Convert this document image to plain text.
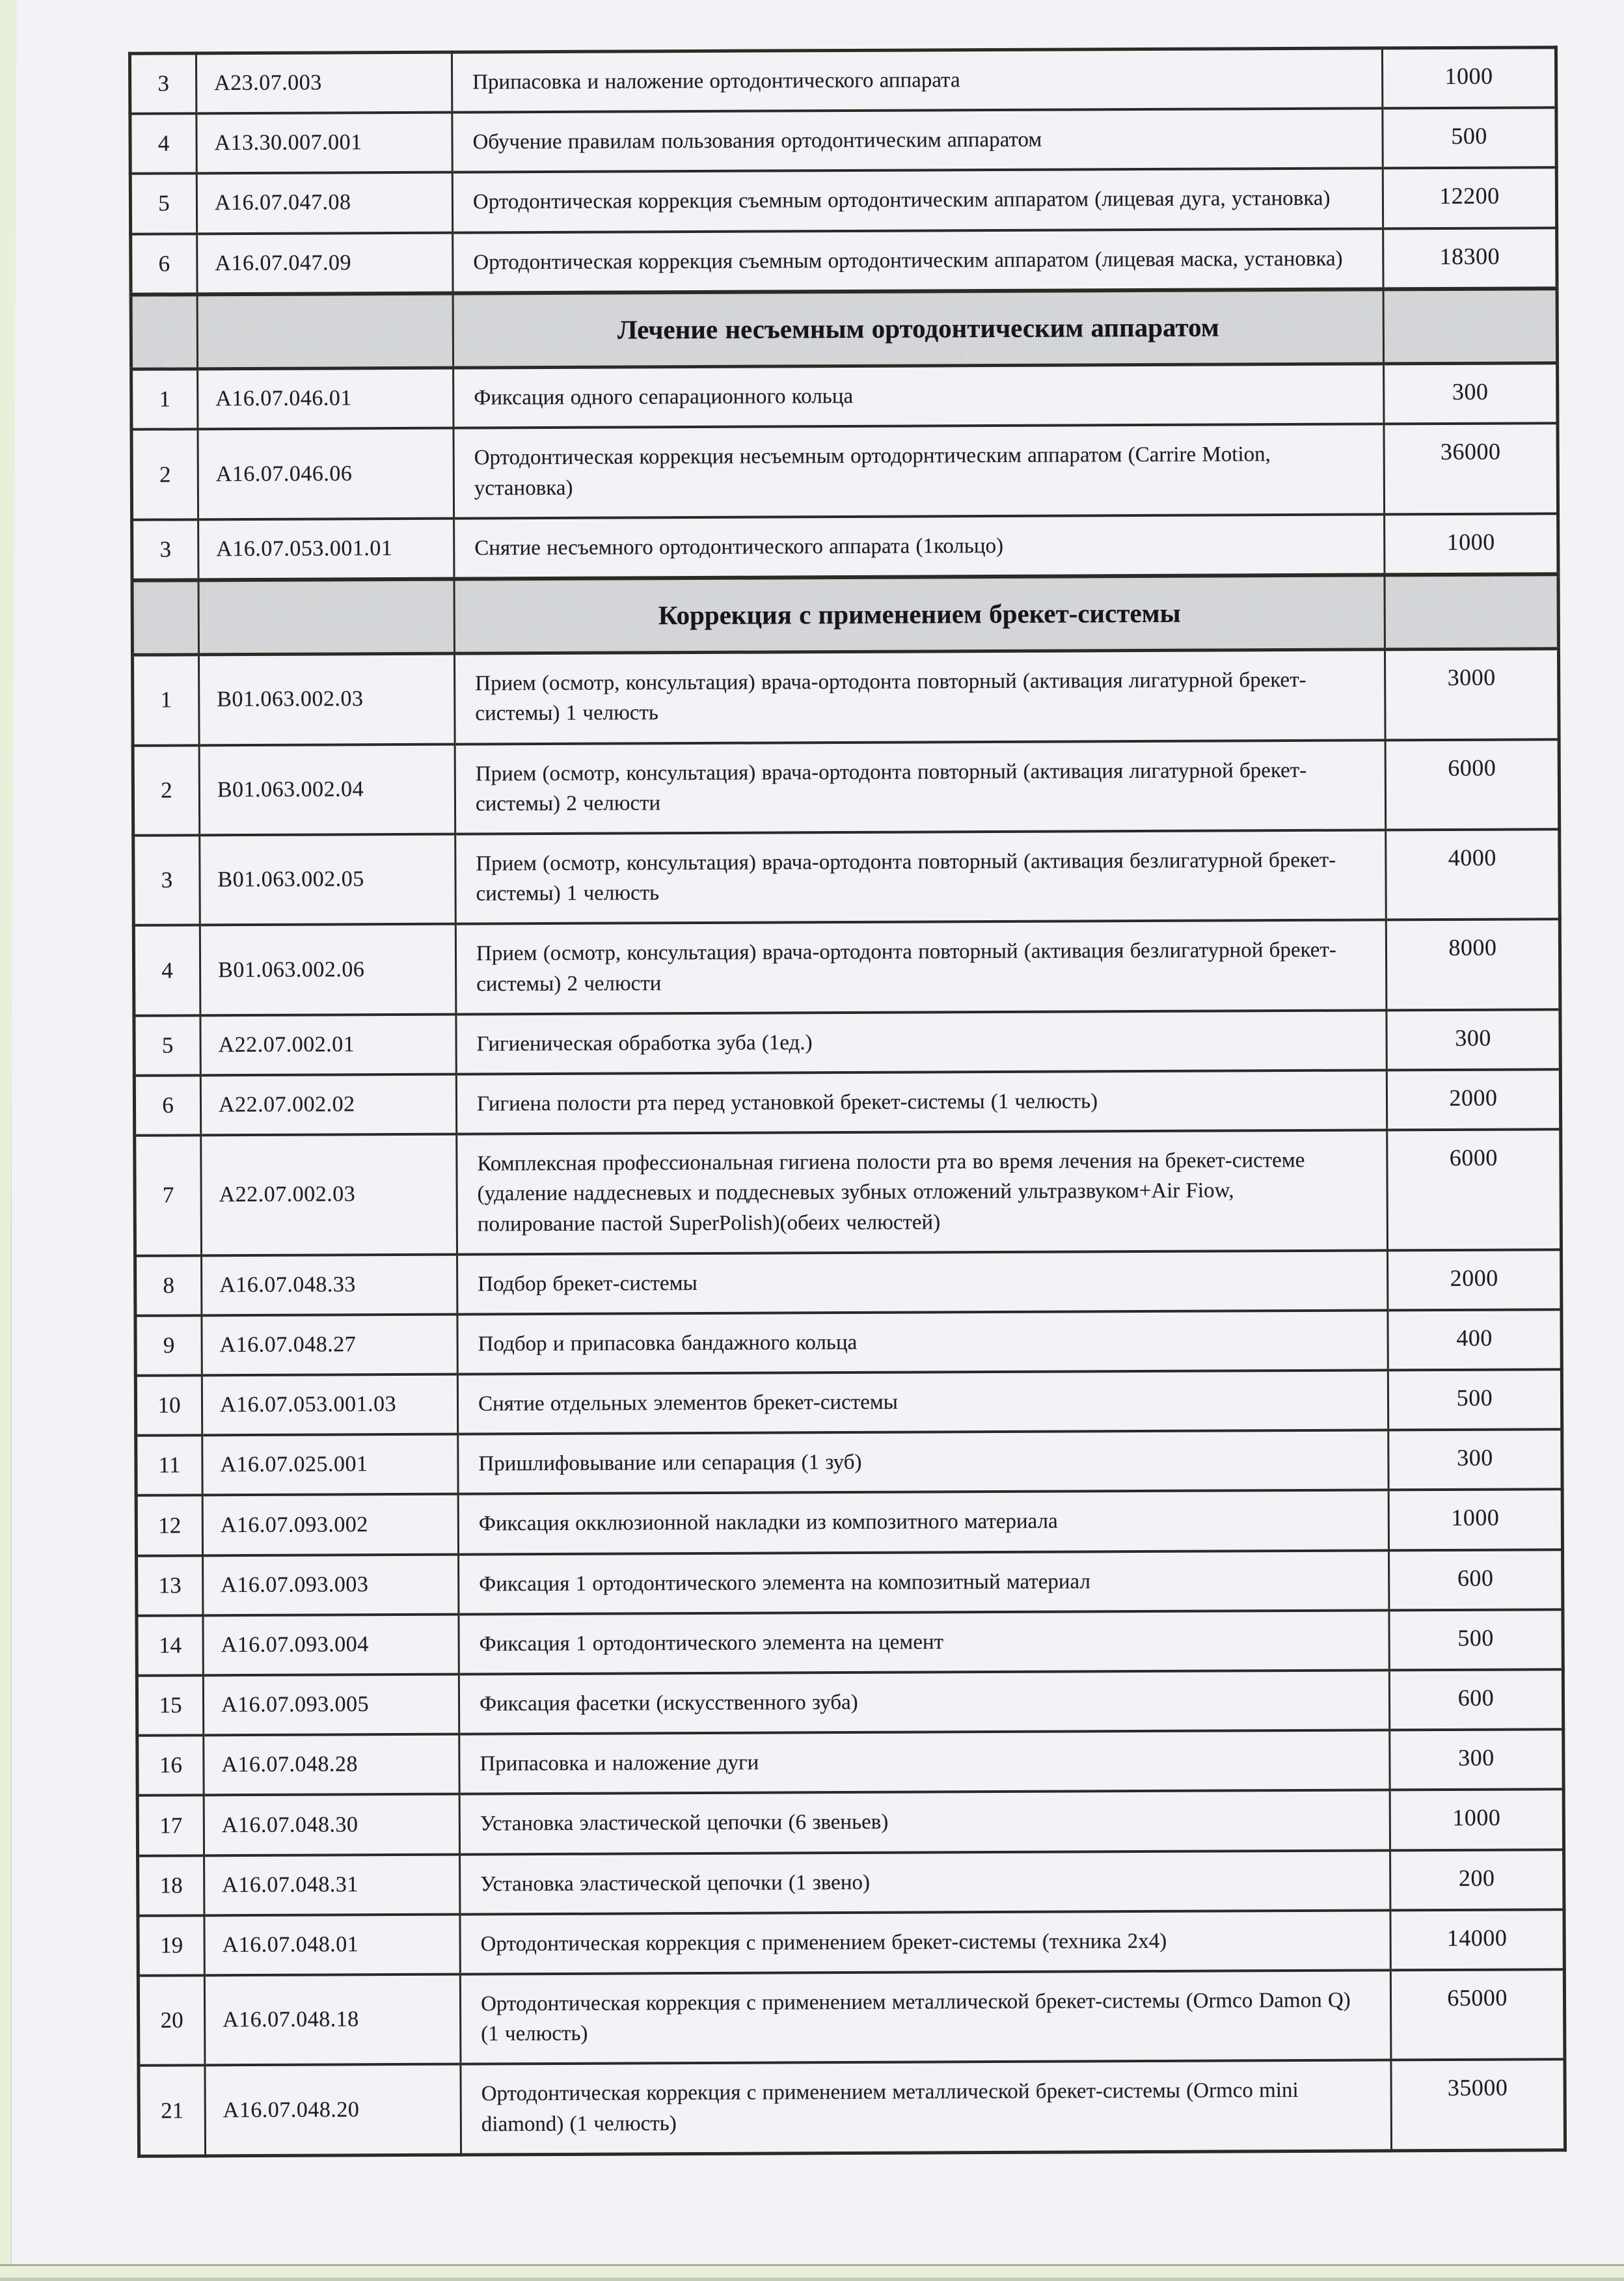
3	A23.07.003	Припасовка и наложение ортодонтического аппарата	1000
4	A13.30.007.001	Обучение правилам пользования ортодонтическим аппаратом	500
5	A16.07.047.08	Ортодонтическая коррекция съемным ортодонтическим аппаратом (лицевая дуга, установка)	12200
6	A16.07.047.09	Ортодонтическая коррекция съемным ортодонтическим аппаратом (лицевая маска, установка)	18300
		Лечение несъемным ортодонтическим аппаратом	
1	A16.07.046.01	Фиксация одного сепарационного кольца	300
2	A16.07.046.06	Ортодонтическая коррекция несъемным ортодорнтическим аппаратом (Carrire Motion, установка)	36000
3	A16.07.053.001.01	Снятие несъемного ортодонтического аппарата (1кольцо)	1000
		Коррекция с применением брекет-системы	
1	B01.063.002.03	Прием (осмотр, консультация) врача-ортодонта повторный (активация лигатурной брекет-системы) 1 челюсть	3000
2	B01.063.002.04	Прием (осмотр, консультация) врача-ортодонта повторный (активация лигатурной брекет-системы) 2 челюсти	6000
3	B01.063.002.05	Прием (осмотр, консультация) врача-ортодонта повторный (активация безлигатурной брекет-системы) 1 челюсть	4000
4	B01.063.002.06	Прием (осмотр, консультация) врача-ортодонта повторный (активация безлигатурной брекет-системы) 2 челюсти	8000
5	A22.07.002.01	Гигиеническая обработка зуба (1ед.)	300
6	A22.07.002.02	Гигиена полости рта перед установкой брекет-системы (1 челюсть)	2000
7	A22.07.002.03	Комплексная профессиональная гигиена полости рта во время лечения на брекет-системе (удаление наддесневых и поддесневых зубных отложений ультразвуком+Air Fiow, полирование пастой SuperPolish)(обеих челюстей)	6000
8	A16.07.048.33	Подбор брекет-системы	2000
9	A16.07.048.27	Подбор и припасовка бандажного кольца	400
10	A16.07.053.001.03	Снятие отдельных элементов брекет-системы	500
11	A16.07.025.001	Пришлифовывание или сепарация (1 зуб)	300
12	A16.07.093.002	Фиксация окклюзионной накладки из композитного материала	1000
13	A16.07.093.003	Фиксация 1 ортодонтического элемента на композитный материал	600
14	A16.07.093.004	Фиксация 1 ортодонтического элемента на цемент	500
15	A16.07.093.005	Фиксация фасетки (искусственного зуба)	600
16	A16.07.048.28	Припасовка и наложение дуги	300
17	A16.07.048.30	Установка эластической цепочки (6 звеньев)	1000
18	A16.07.048.31	Установка эластической цепочки (1 звено)	200
19	A16.07.048.01	Ортодонтическая коррекция с применением брекет-системы (техника 2x4)	14000
20	A16.07.048.18	Ортодонтическая коррекция с применением металлической брекет-системы (Ormco Damon Q) (1 челюсть)	65000
21	A16.07.048.20	Ортодонтическая коррекция с применением металлической брекет-системы (Ormco mini diamond) (1 челюсть)	35000
